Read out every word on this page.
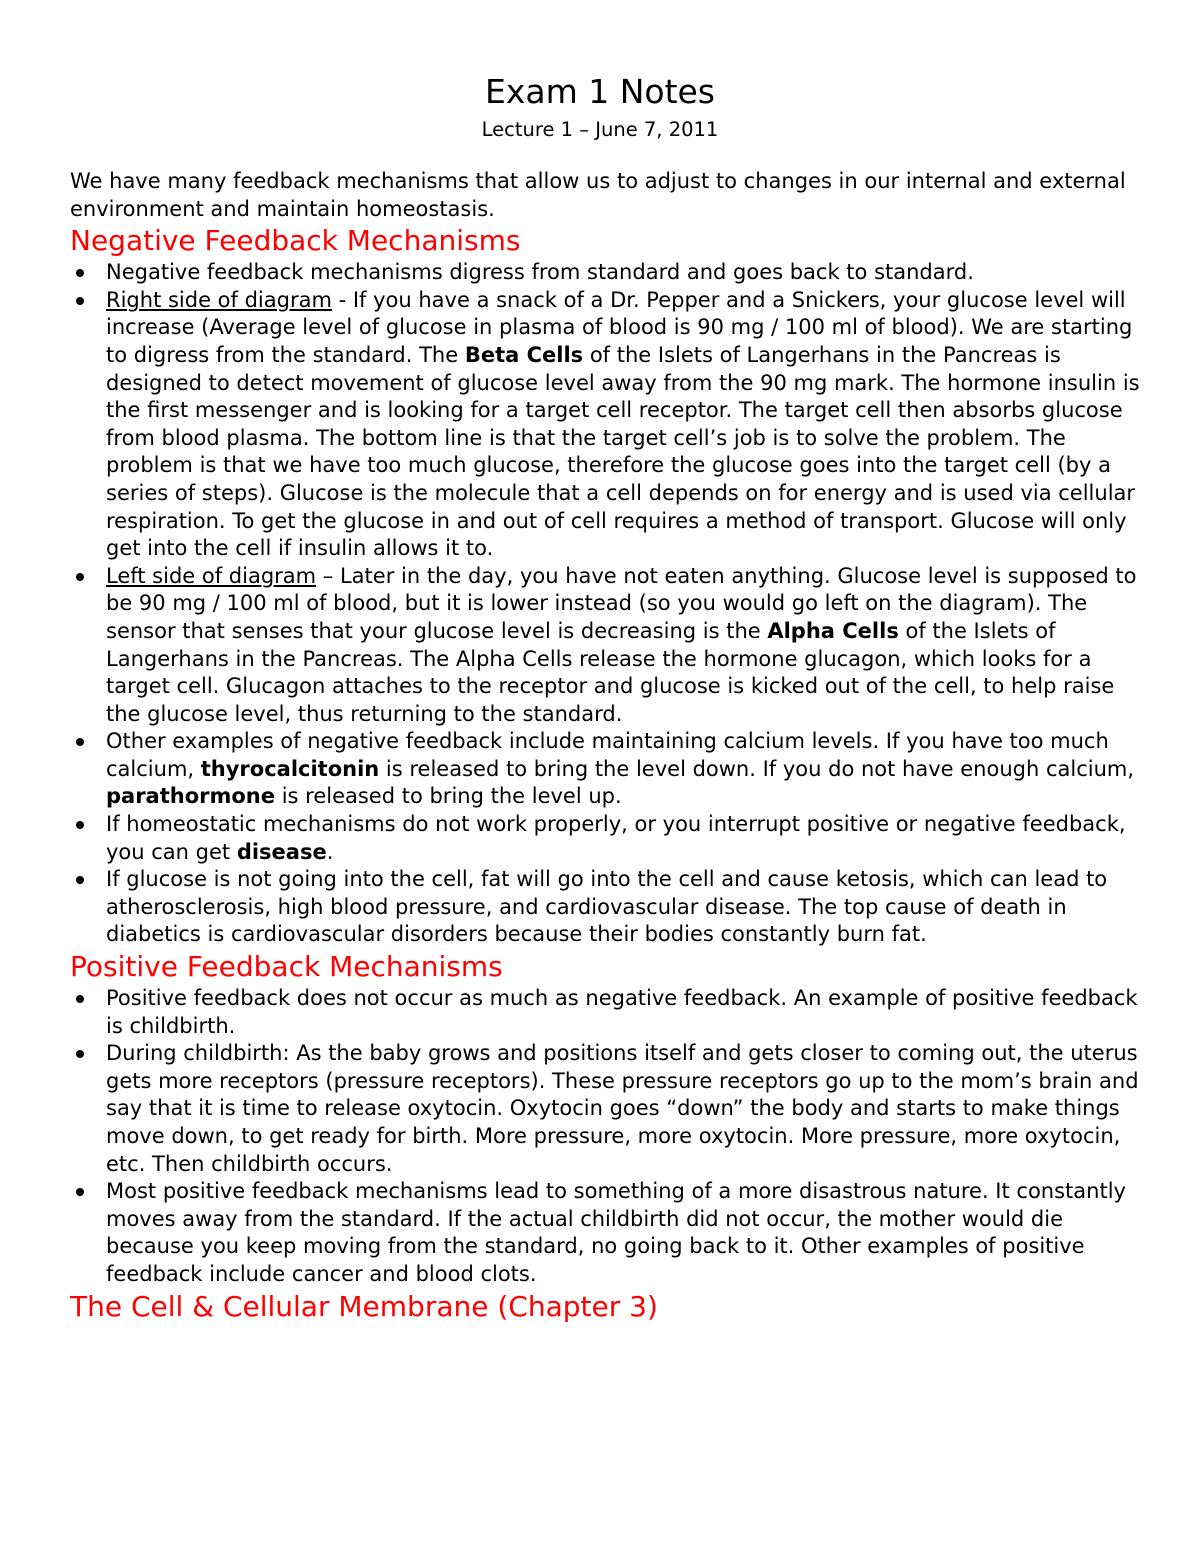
Exam 1 Notes
Lecture 1 – June 7, 2011

We have many feedback mechanisms that allow us to adjust to changes in our internal and external environment and maintain homeostasis.

Negative Feedback Mechanisms
Negative feedback mechanisms digress from standard and goes back to standard.
Right side of diagram - If you have a snack of a Dr. Pepper and a Snickers, your glucose level will increase (Average level of glucose in plasma of blood is 90 mg / 100 ml of blood). We are starting to digress from the standard. The Beta Cells of the Islets of Langerhans in the Pancreas is designed to detect movement of glucose level away from the 90 mg mark. The hormone insulin is the first messenger and is looking for a target cell receptor. The target cell then absorbs glucose from blood plasma. The bottom line is that the target cell’s job is to solve the problem. The problem is that we have too much glucose, therefore the glucose goes into the target cell (by a series of steps). Glucose is the molecule that a cell depends on for energy and is used via cellular respiration. To get the glucose in and out of cell requires a method of transport. Glucose will only get into the cell if insulin allows it to.
Left side of diagram – Later in the day, you have not eaten anything. Glucose level is supposed to be 90 mg / 100 ml of blood, but it is lower instead (so you would go left on the diagram). The sensor that senses that your glucose level is decreasing is the Alpha Cells of the Islets of Langerhans in the Pancreas. The Alpha Cells release the hormone glucagon, which looks for a target cell. Glucagon attaches to the receptor and glucose is kicked out of the cell, to help raise the glucose level, thus returning to the standard.
Other examples of negative feedback include maintaining calcium levels. If you have too much calcium, thyrocalcitonin is released to bring the level down. If you do not have enough calcium, parathormone is released to bring the level up.
If homeostatic mechanisms do not work properly, or you interrupt positive or negative feedback, you can get disease.
If glucose is not going into the cell, fat will go into the cell and cause ketosis, which can lead to atherosclerosis, high blood pressure, and cardiovascular disease. The top cause of death in diabetics is cardiovascular disorders because their bodies constantly burn fat.
Positive Feedback Mechanisms
Positive feedback does not occur as much as negative feedback. An example of positive feedback is childbirth.
During childbirth: As the baby grows and positions itself and gets closer to coming out, the uterus gets more receptors (pressure receptors). These pressure receptors go up to the mom’s brain and say that it is time to release oxytocin. Oxytocin goes “down” the body and starts to make things move down, to get ready for birth. More pressure, more oxytocin. More pressure, more oxytocin, etc. Then childbirth occurs.
Most positive feedback mechanisms lead to something of a more disastrous nature. It constantly moves away from the standard. If the actual childbirth did not occur, the mother would die because you keep moving from the standard, no going back to it. Other examples of positive feedback include cancer and blood clots.
The Cell & Cellular Membrane (Chapter 3)
